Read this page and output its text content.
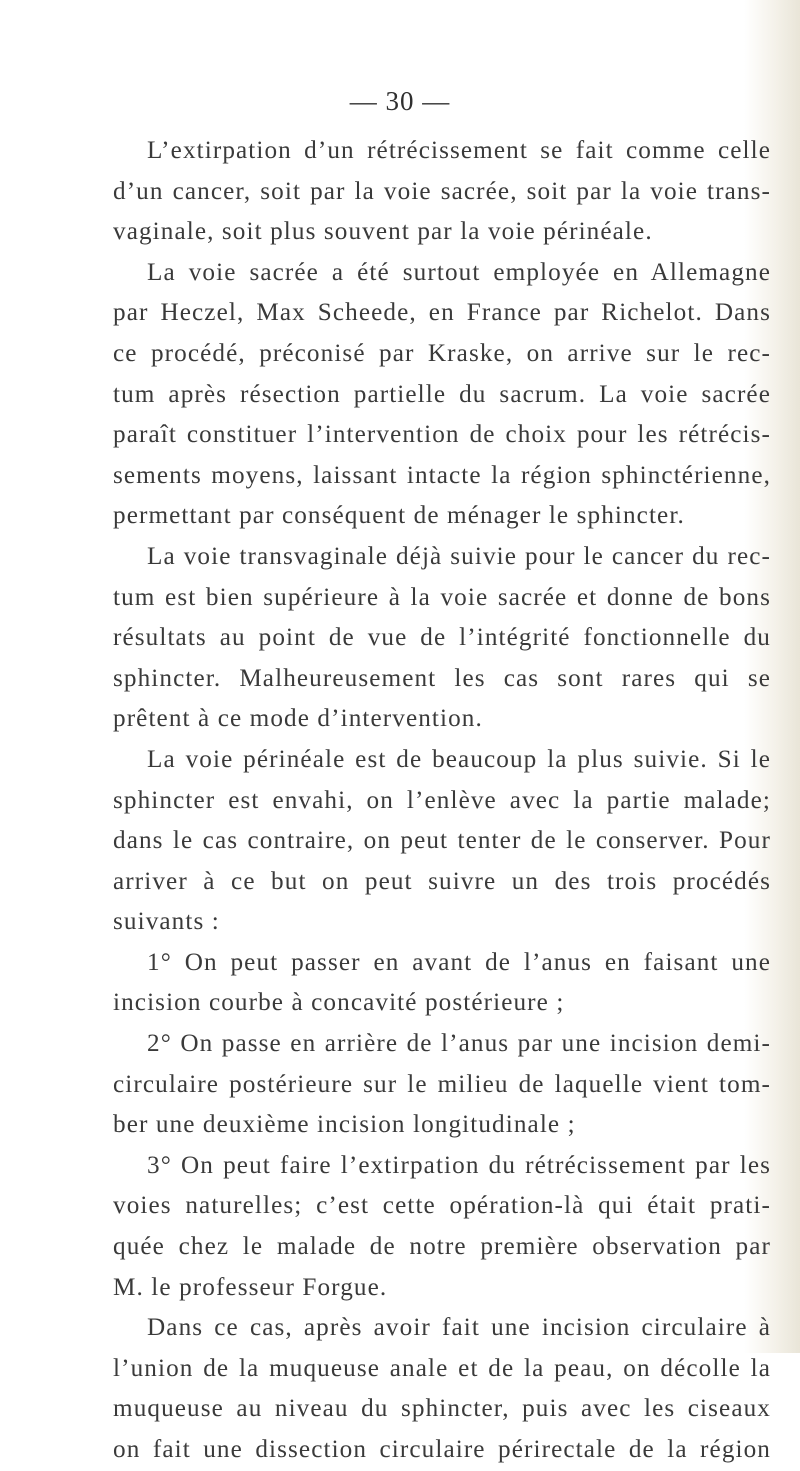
— 30 —
L’extirpation d’un rétrécissement se fait comme celle
d’un cancer, soit par la voie sacrée, soit par la voie trans-
vaginale, soit plus souvent par la voie périnéale.
La voie sacrée a été surtout employée en Allemagne
par Heczel, Max Scheede, en France par Richelot. Dans
ce procédé, préconisé par Kraske, on arrive sur le rec-
tum après résection partielle du sacrum. La voie sacrée
paraît constituer l’intervention de choix pour les rétrécis-
sements moyens, laissant intacte la région sphinctérienne,
permettant par conséquent de ménager le sphincter.
La voie transvaginale déjà suivie pour le cancer du rec-
tum est bien supérieure à la voie sacrée et donne de bons
résultats au point de vue de l’intégrité fonctionnelle du
sphincter. Malheureusement les cas sont rares qui se
prêtent à ce mode d’intervention.
La voie périnéale est de beaucoup la plus suivie. Si le
sphincter est envahi, on l’enlève avec la partie malade;
dans le cas contraire, on peut tenter de le conserver. Pour
arriver à ce but on peut suivre un des trois procédés
suivants :
1° On peut passer en avant de l’anus en faisant une
incision courbe à concavité postérieure ;
2° On passe en arrière de l’anus par une incision demi-
circulaire postérieure sur le milieu de laquelle vient tom-
ber une deuxième incision longitudinale ;
3° On peut faire l’extirpation du rétrécissement par les
voies naturelles; c’est cette opération-là qui était prati-
quée chez le malade de notre première observation par
M. le professeur Forgue.
Dans ce cas, après avoir fait une incision circulaire à
l’union de la muqueuse anale et de la peau, on décolle la
muqueuse au niveau du sphincter, puis avec les ciseaux
on fait une dissection circulaire périrectale de la région
